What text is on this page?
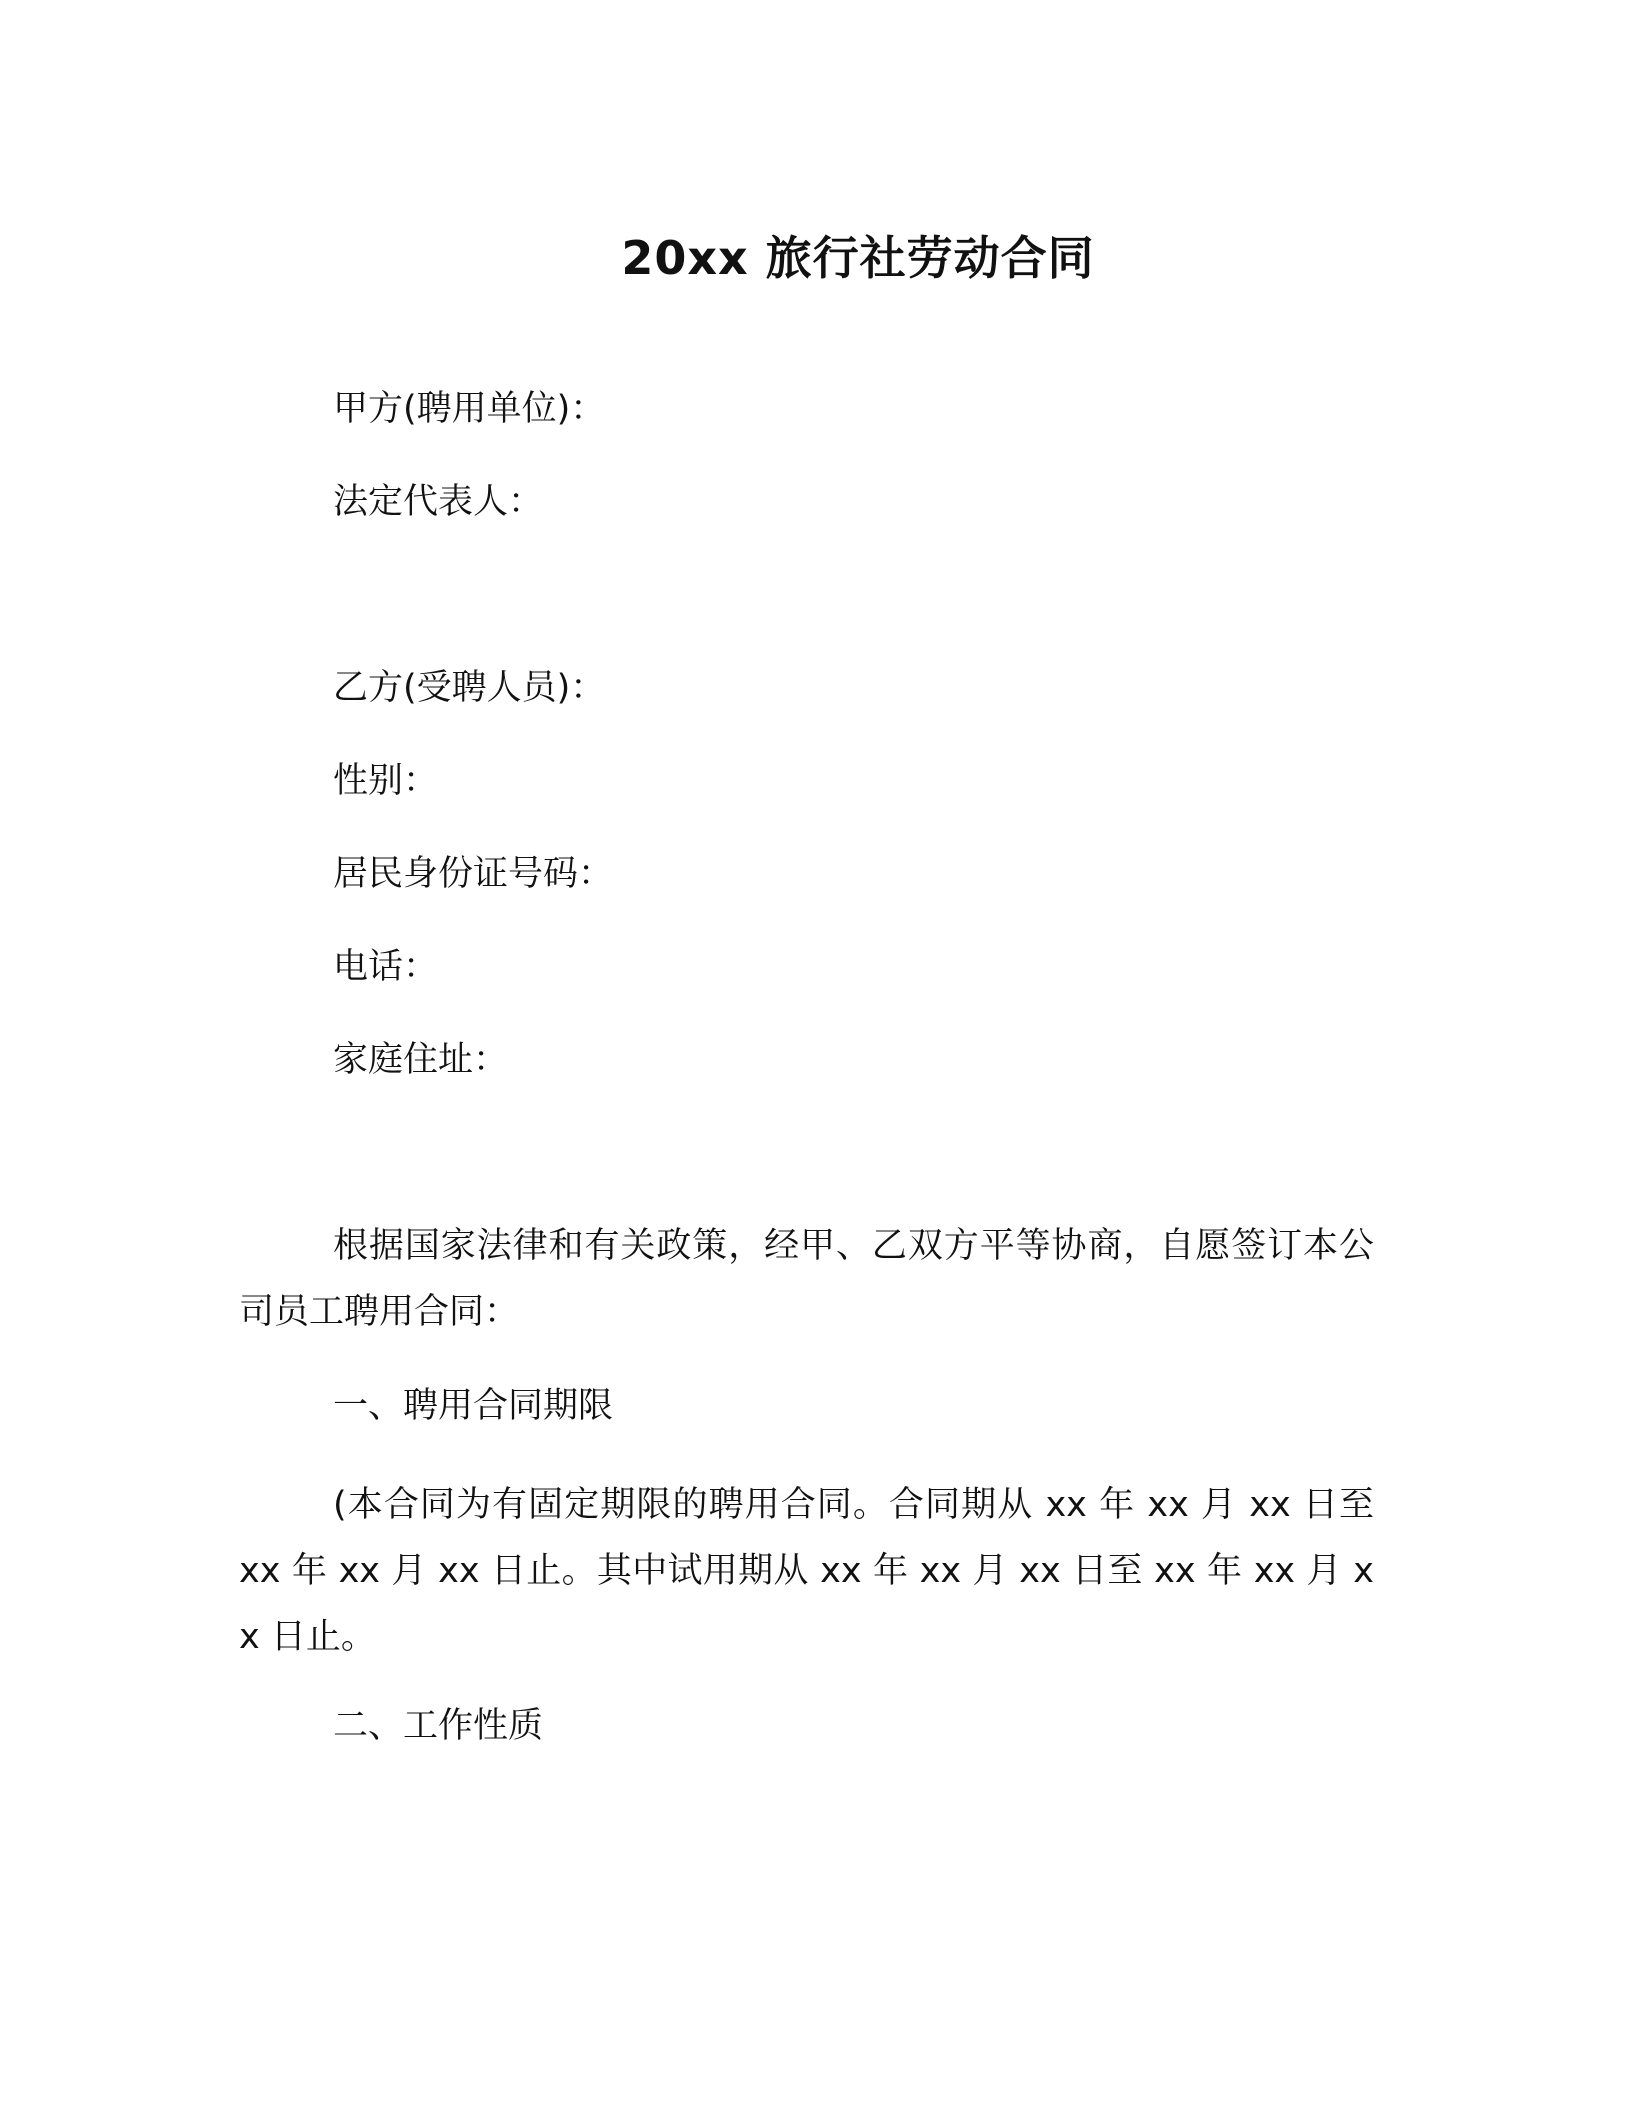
20xx 旅行社劳动合同

甲方(聘用单位)：

法定代表人：

乙方(受聘人员)：

性别：

居民身份证号码：

电话：

家庭住址：

根据国家法律和有关政策，经甲、乙双方平等协商，自愿签订本公司员工聘用合同：

一、聘用合同期限

(本合同为有固定期限的聘用合同。合同期从 xx 年 xx 月 xx 日至 xx 年 xx 月 xx 日止。其中试用期从 xx 年 xx 月 xx 日至 xx 年 xx 月 xx 日止。

二、工作性质
